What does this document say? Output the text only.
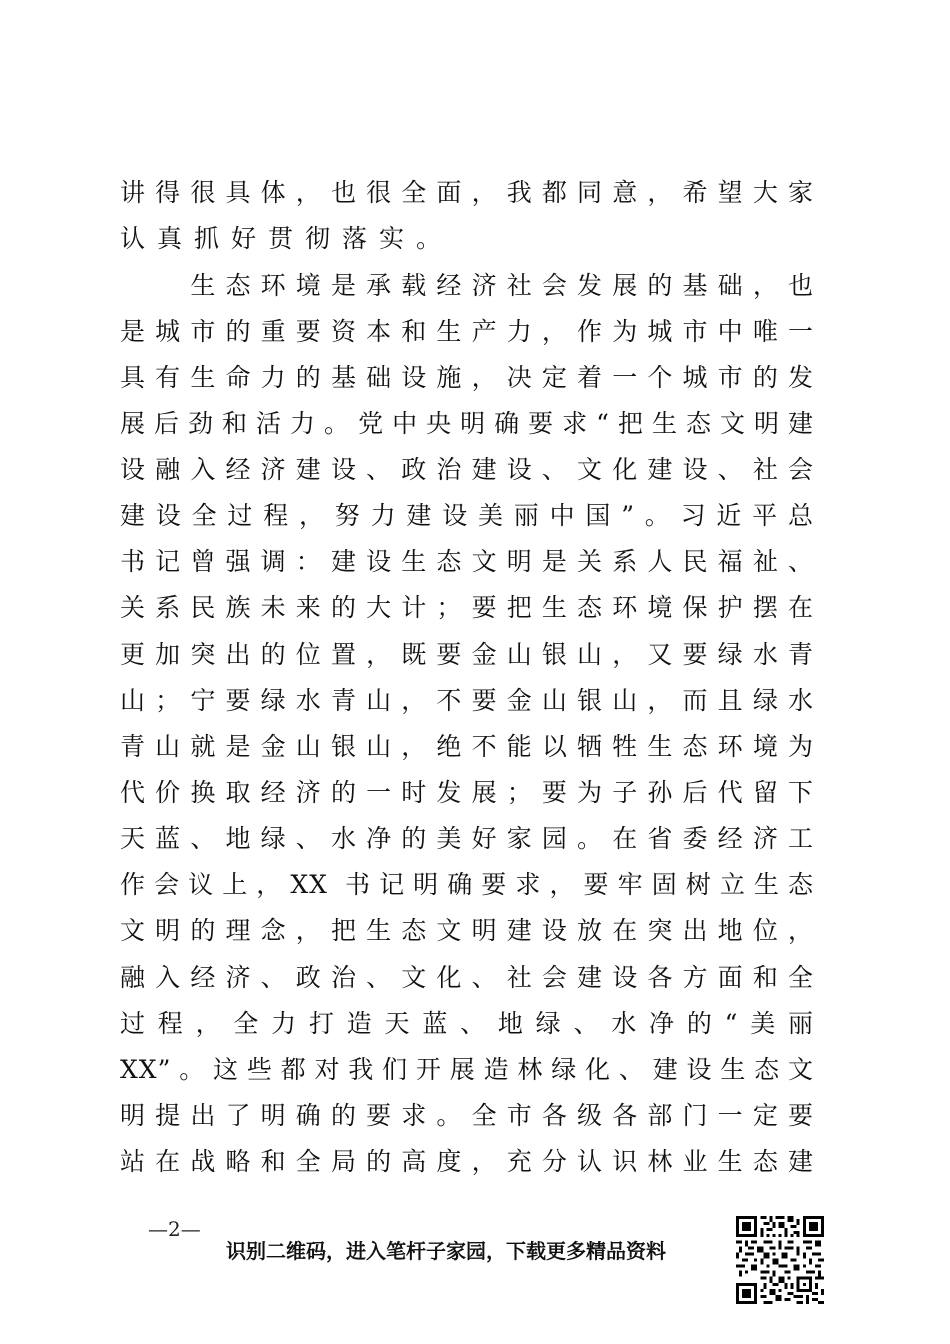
讲得很具体，也很全面，我都同意，希望大家
认真抓好贯彻落实。
　　生态环境是承载经济社会发展的基础，也
是城市的重要资本和生产力，作为城市中唯一
具有生命力的基础设施，决定着一个城市的发
展后劲和活力。党中央明确要求“把生态文明建
设融入经济建设、政治建设、文化建设、社会
建设全过程，努力建设美丽中国”。习近平总
书记曾强调：建设生态文明是关系人民福祉、
关系民族未来的大计；要把生态环境保护摆在
更加突出的位置，既要金山银山，又要绿水青
山；宁要绿水青山，不要金山银山，而且绿水
青山就是金山银山，绝不能以牺牲生态环境为
代价换取经济的一时发展；要为子孙后代留下
天蓝、地绿、水净的美好家园。在省委经济工
作会议上，XX 书记明确要求，要牢固树立生态
文明的理念，把生态文明建设放在突出地位，
融入经济、政治、文化、社会建设各方面和全
过程，全力打造天蓝、地绿、水净的“美丽
XX”。这些都对我们开展造林绿化、建设生态文
明提出了明确的要求。全市各级各部门一定要
站在战略和全局的高度，充分认识林业生态建
—2—
识别二维码，进入笔杆子家园，下载更多精品资料
